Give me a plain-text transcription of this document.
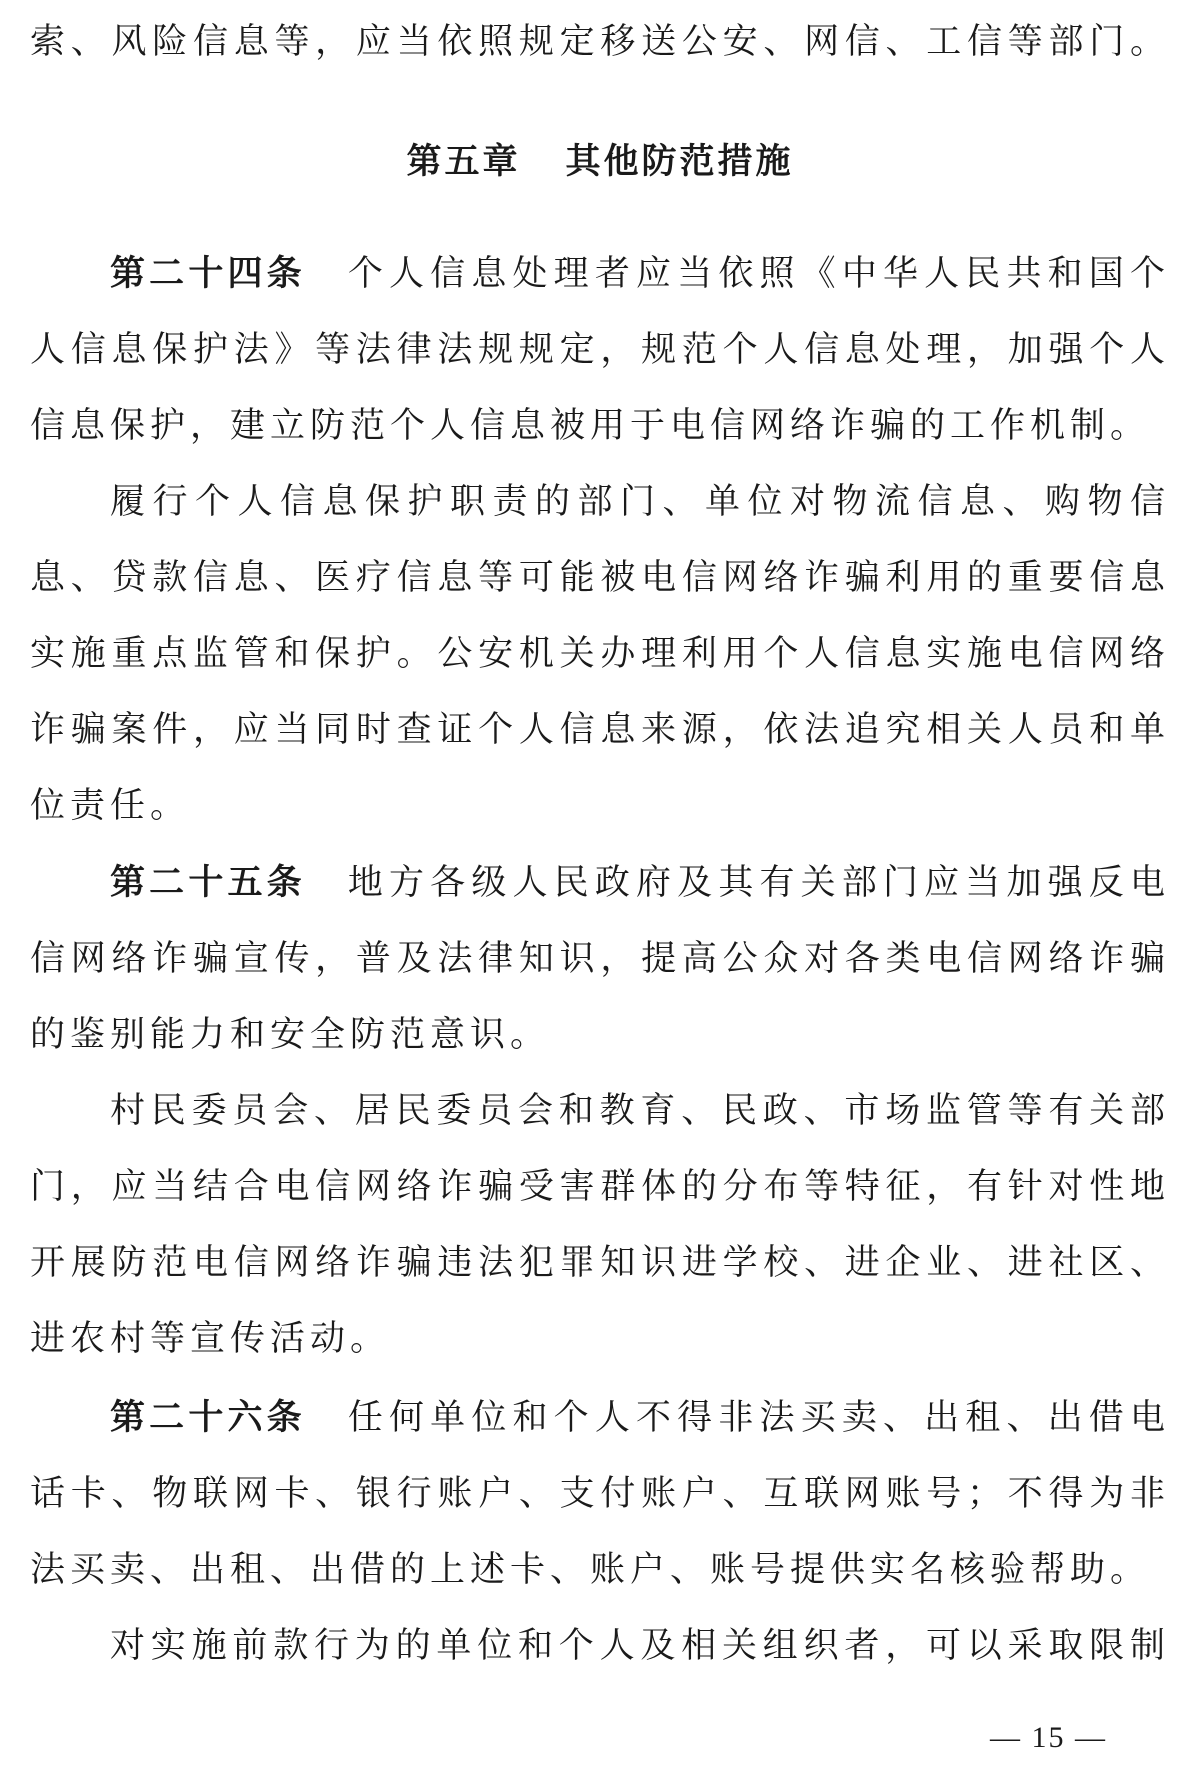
索、风险信息等，应当依照规定移送公安、网信、工信等部门。
第五章 其他防范措施
第二十四条 个人信息处理者应当依照《中华人民共和国个
人信息保护法》等法律法规规定，规范个人信息处理，加强个人
信息保护，建立防范个人信息被用于电信网络诈骗的工作机制。
履行个人信息保护职责的部门、单位对物流信息、购物信
息、贷款信息、医疗信息等可能被电信网络诈骗利用的重要信息
实施重点监管和保护。公安机关办理利用个人信息实施电信网络
诈骗案件，应当同时查证个人信息来源，依法追究相关人员和单
位责任。
第二十五条 地方各级人民政府及其有关部门应当加强反电
信网络诈骗宣传，普及法律知识，提高公众对各类电信网络诈骗
的鉴别能力和安全防范意识。
村民委员会、居民委员会和教育、民政、市场监管等有关部
门，应当结合电信网络诈骗受害群体的分布等特征，有针对性地
开展防范电信网络诈骗违法犯罪知识进学校、进企业、进社区、
进农村等宣传活动。
第二十六条 任何单位和个人不得非法买卖、出租、出借电
话卡、物联网卡、银行账户、支付账户、互联网账号；不得为非
法买卖、出租、出借的上述卡、账户、账号提供实名核验帮助。
对实施前款行为的单位和个人及相关组织者，可以采取限制
— 15 —
